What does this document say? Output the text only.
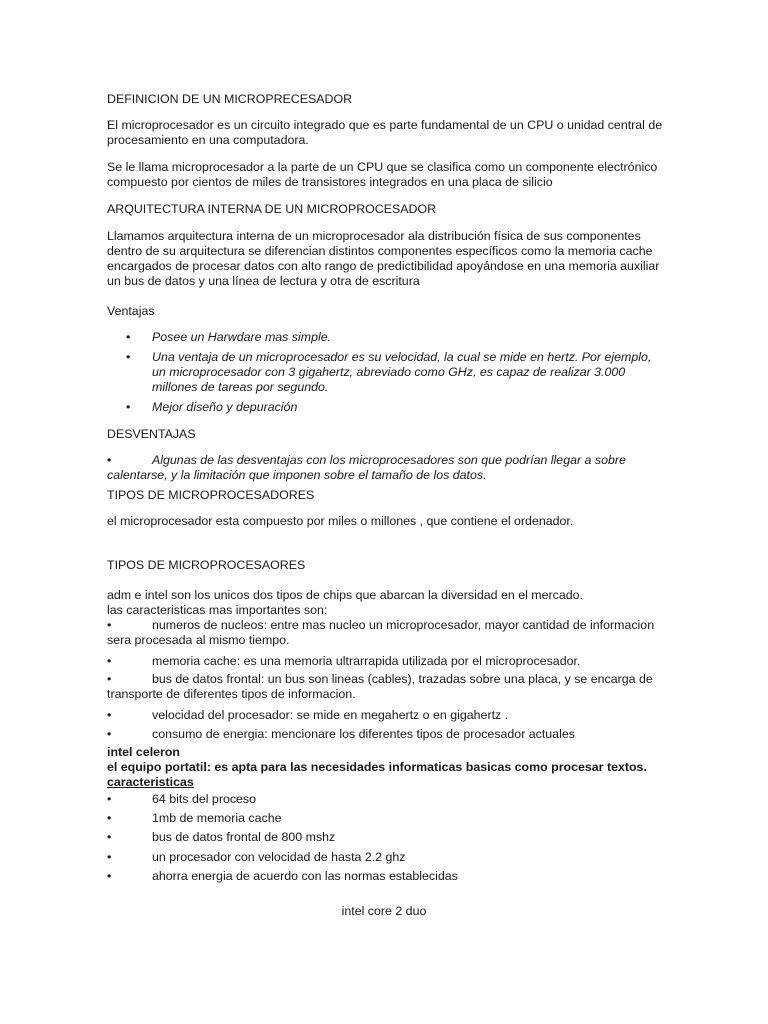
DEFINICION DE UN MICROPRECESADOR
El microprocesador es un circuito integrado que es parte fundamental de un CPU o unidad central de procesamiento en una computadora.
Se le llama microprocesador a la parte de un CPU que se clasifica como un componente electrónico compuesto por cientos de miles de transistores integrados en una placa de silicio
ARQUITECTURA INTERNA DE UN MICROPROCESADOR
Llamamos arquitectura interna de un microprocesador ala distribución física de sus componentes dentro de su arquitectura se diferencian distintos componentes específicos como la memoria cache encargados de procesar datos con alto rango de predictibilidad apoyándose en una memoria auxiliar un bus de datos y una línea de lectura y otra de escritura
Ventajas
• Posee un Harwdare mas simple.
• Una ventaja de un microprocesador es su velocidad, la cual se mide en hertz. Por ejemplo, un microprocesador con 3 gigahertz, abreviado como GHz, es capaz de realizar 3.000 millones de tareas por segundo.
• Mejor diseño y depuración
DESVENTAJAS
•	Algunas de las desventajas con los microprocesadores son que podrían llegar a sobre calentarse, y la limitación que imponen sobre el tamaño de los datos.
TIPOS DE MICROPROCESADORES
el microprocesador esta compuesto por miles o millones , que contiene el ordenador.
TIPOS DE MICROPROCESAORES
adm e intel son los unicos dos tipos de chips que abarcan la diversidad en el mercado.
las caracteristicas mas importantes son:
•	numeros de nucleos: entre mas nucleo un microprocesador, mayor cantidad de informacion sera procesada al mismo tiempo.
•	memoria cache: es una memoria ultrarrapida utilizada por el microprocesador.
•	bus de datos frontal: un bus son lineas (cables), trazadas sobre una placa, y se encarga de transporte de diferentes tipos de informacion.
•	velocidad del procesador: se mide en megahertz o en gigahertz .
•	consumo de energia: mencionare los diferentes tipos de procesador actuales
intel celeron
el equipo portatil: es apta para las necesidades informaticas basicas como procesar textos.
caracteristicas
•	64 bits del proceso
•	1mb de memoria cache
•	bus de datos frontal de 800 mshz
•	un procesador con velocidad de hasta 2.2 ghz
•	ahorra energia de acuerdo con las normas establecidas
intel core 2 duo
